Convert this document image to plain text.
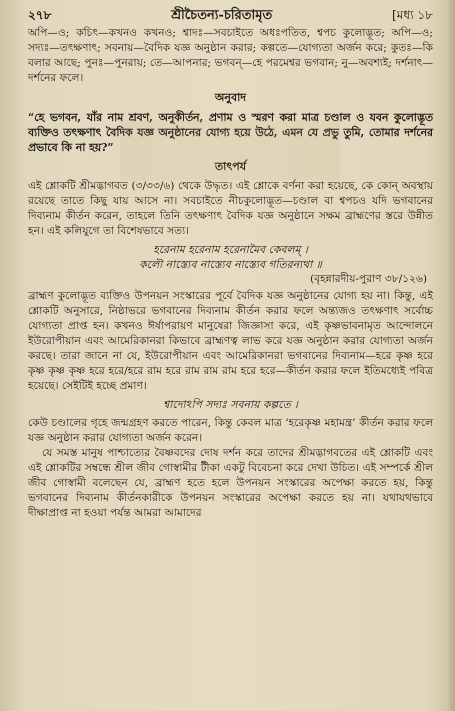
২৭৮	শ্রীচৈতন্য-চরিতামৃত	[মধ্য ১৮

অপি—ও; কচিৎ—কখনও কখনও; শ্বাদঃ—সবচাইতে অধঃপতিত, শ্বপচ কুলোদ্ভূত; অপি—ও; সদ্যঃ—তৎক্ষণাৎ; সবনায়—বৈদিক যজ্ঞ অনুষ্ঠান করার; কল্পতে—যোগ্যতা অর্জন করে; কুতঃ—কি বলার আছে; পুনঃ—পুনরায়; তে—আপনার; ভগবন্—হে পরমেশ্বর ভগবান; নু—অবশ্যই; দর্শনাৎ—দর্শনের ফলে।

অনুবাদ

“হে ভগবন, যাঁর নাম শ্রবণ, অনুকীর্তন, প্রণাম ও স্মরণ করা মাত্র চণ্ডাল ও যবন কুলোদ্ভূত ব্যক্তিও তৎক্ষণাৎ বৈদিক যজ্ঞ অনুষ্ঠানের যোগ্য হয়ে উঠে, এমন যে প্রভু তুমি, তোমার দর্শনের প্রভাবে কি না হয়?”

তাৎপর্য

এই শ্লোকটি শ্রীমদ্ভাগবত (৩/৩৩/৬) থেকে উদ্ধৃত। এই শ্লোকে বর্ণনা করা হয়েছে, কে কোন্ অবস্থায় রয়েছে তাতে কিছু যায় আসে না। সবচাইতে নীচকুলোদ্ভূত—চণ্ডাল বা শ্বপচও যদি ভগবানের দিব্যনাম কীর্তন করেন, তাহলে তিনি তৎক্ষণাৎ বৈদিক যজ্ঞ অনুষ্ঠানে সক্ষম ব্রাহ্মণের স্তরে উন্নীত হন। এই কলিযুগে তা বিশেষভাবে সত্য।

হরেনাম হরেনাম হরেনামৈব কেবলম্ ।
কলৌ নাস্ত্যেব নাস্ত্যেব নাস্ত্যেব গতিরন্যথা ॥
(বৃহন্নারদীয়-পুরাণ ৩৮/১২৬)

ব্রাহ্মণ কুলোদ্ভূত ব্যক্তিও উপনয়ন সংস্কারের পূর্বে বৈদিক যজ্ঞ অনুষ্ঠানের যোগ্য হয় না। কিন্তু, এই শ্লোকটি অনুসারে, নিষ্ঠাভরে ভগবানের দিব্যনাম কীর্তন করার ফলে অন্ত্যজও তৎক্ষণাৎ সর্বোচ্চ যোগ্যতা প্রাপ্ত হন। কখনও ঈর্ষাপরায়ণ মানুষেরা জিজ্ঞাসা করে, এই কৃষ্ণভাবনামৃত আন্দোলনে ইউরোপীয়ান এবং আমেরিকানরা কিভাবে ব্রাহ্মণত্ব লাভ করে যজ্ঞ অনুষ্ঠান করার যোগ্যতা অর্জন করছে। তারা জানে না যে, ইউরোপীয়ান এবং আমেরিকানরা ভগবানের দিব্যনাম—হরে কৃষ্ণ হরে কৃষ্ণ কৃষ্ণ কৃষ্ণ হরে হরে/হরে রাম হরে রাম রাম রাম হরে হরে—কীর্তন করার ফলে ইতিমধ্যেই পবিত্র হয়েছে। সেইটিই হচ্ছে প্রমাণ।

শ্বাদোঽপি সদ্যঃ সবনায় কল্পতে ।

কেউ চণ্ডালের গৃহে জন্মগ্রহণ করতে পারেন, কিন্তু কেবল মাত্র ‘হরেকৃষ্ণ মহামন্ত্র’ কীর্তন করার ফলে যজ্ঞ অনুষ্ঠান করার যোগ্যতা অর্জন করেন।

যে সমস্ত মানুষ পাশ্চাত্যের বৈষ্ণবদের দোষ দর্শন করে তাদের শ্রীমদ্ভাগবতের এই শ্লোকটি এবং এই শ্লোকটির সম্বন্ধে শ্রীল জীব গোস্বামীর টীকা একটু বিবেচনা করে দেখা উচিত। এই সম্পর্কে শ্রীল জীব গোস্বামী বলেছেন যে, ব্রাহ্মণ হতে হলে উপনয়ন সংস্কারের অপেক্ষা করতে হয়, কিন্তু ভগবানের দিব্যনাম কীর্তনকারীকে উপনয়ন সংস্কারের অপেক্ষা করতে হয় না। যথাযথভাবে দীক্ষাপ্রাপ্ত না হওয়া পর্যন্ত আমরা আমাদের
